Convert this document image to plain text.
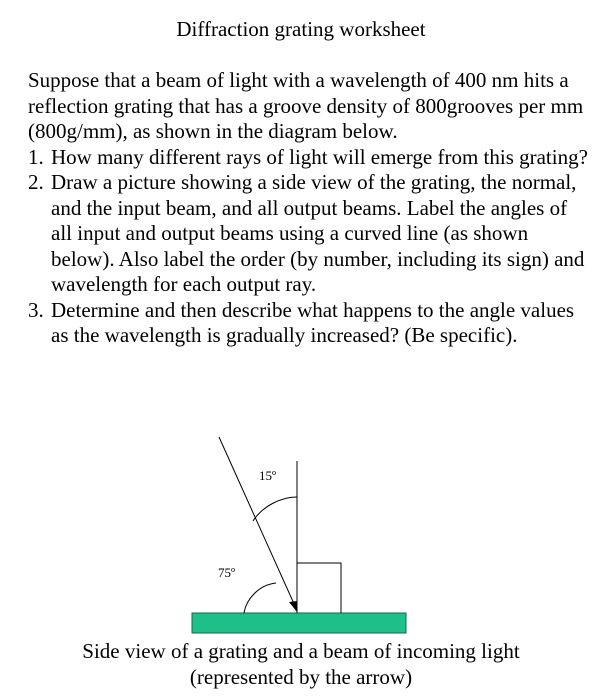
Diffraction grating worksheet

Suppose that a beam of light with a wavelength of 400 nm hits a reflection grating that has a groove density of 800grooves per mm (800g/mm), as shown in the diagram below.

1. How many different rays of light will emerge from this grating?
2. Draw a picture showing a side view of the grating, the normal, and the input beam, and all output beams. Label the angles of all input and output beams using a curved line (as shown below). Also label the order (by number, including its sign) and wavelength for each output ray.
3. Determine and then describe what happens to the angle values as the wavelength is gradually increased? (Be specific).
15º
75º
Side view of a grating and a beam of incoming light
(represented by the arrow)
